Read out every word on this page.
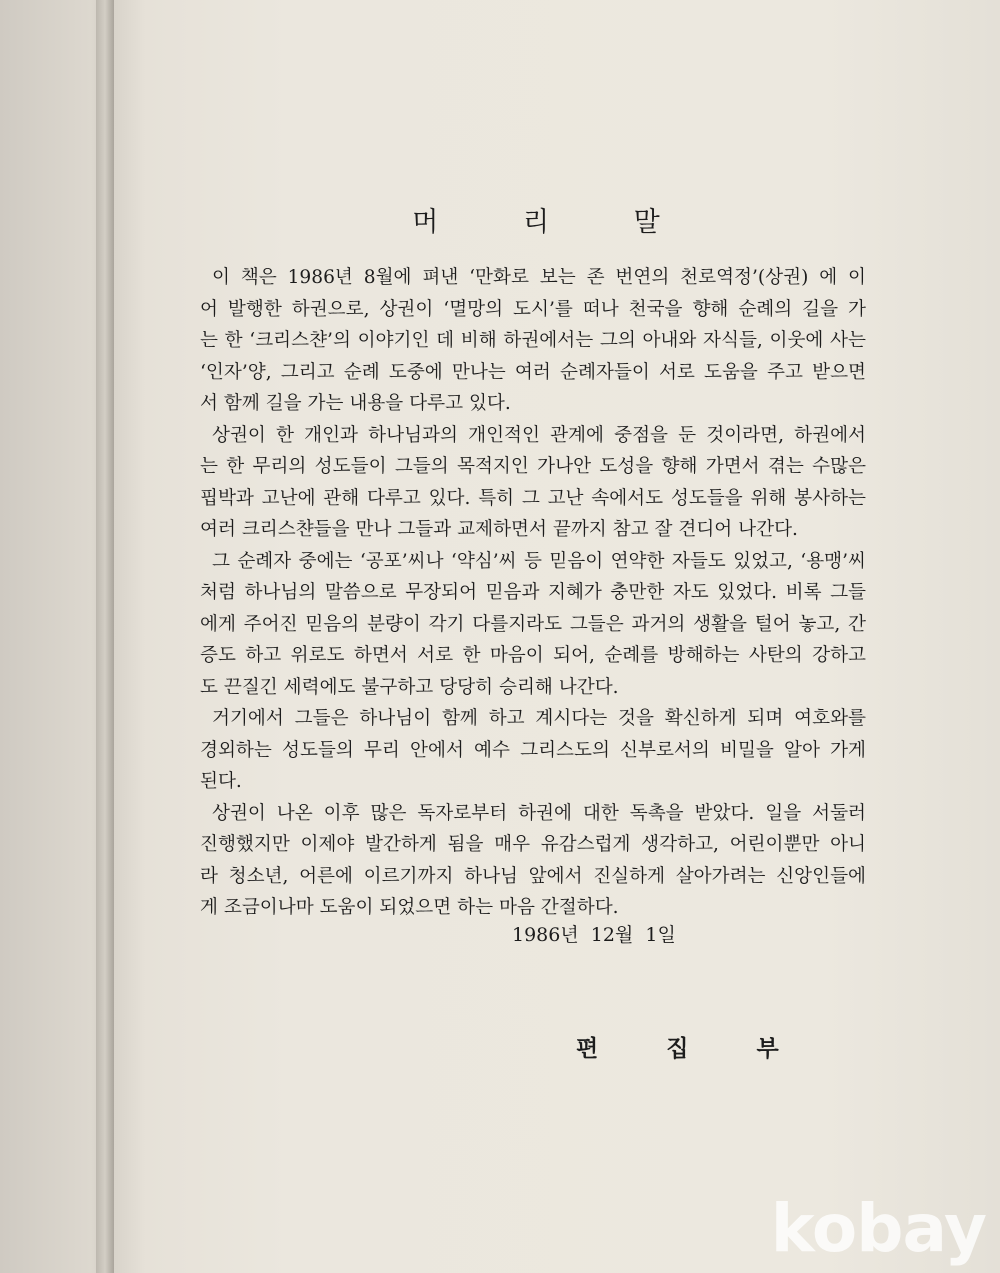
머 리 말
이 책은 1986년 8월에 펴낸 ‘만화로 보는 존 번연의 천로역정’(상권) 에 이
어 발행한 하권으로, 상권이 ‘멸망의 도시’를 떠나 천국을 향해 순례의 길을 가
는 한 ‘크리스챤’의 이야기인 데 비해 하권에서는 그의 아내와 자식들, 이웃에 사는
‘인자’양, 그리고 순례 도중에 만나는 여러 순례자들이 서로 도움을 주고 받으면
서 함께 길을 가는 내용을 다루고 있다.
상권이 한 개인과 하나님과의 개인적인 관계에 중점을 둔 것이라면, 하권에서
는 한 무리의 성도들이 그들의 목적지인 가나안 도성을 향해 가면서 겪는 수많은
핍박과 고난에 관해 다루고 있다. 특히 그 고난 속에서도 성도들을 위해 봉사하는
여러 크리스챤들을 만나 그들과 교제하면서 끝까지 참고 잘 견디어 나간다.
그 순례자 중에는 ‘공포’씨나 ‘약심’씨 등 믿음이 연약한 자들도 있었고, ‘용맹’씨
처럼 하나님의 말씀으로 무장되어 믿음과 지혜가 충만한 자도 있었다. 비록 그들
에게 주어진 믿음의 분량이 각기 다를지라도 그들은 과거의 생활을 털어 놓고, 간
증도 하고 위로도 하면서 서로 한 마음이 되어, 순례를 방해하는 사탄의 강하고
도 끈질긴 세력에도 불구하고 당당히 승리해 나간다.
거기에서 그들은 하나님이 함께 하고 계시다는 것을 확신하게 되며 여호와를
경외하는 성도들의 무리 안에서 예수 그리스도의 신부로서의 비밀을 알아 가게
된다.
상권이 나온 이후 많은 독자로부터 하권에 대한 독촉을 받았다. 일을 서둘러
진행했지만 이제야 발간하게 됨을 매우 유감스럽게 생각하고, 어린이뿐만 아니
라 청소년, 어른에 이르기까지 하나님 앞에서 진실하게 살아가려는 신앙인들에
게 조금이나마 도움이 되었으면 하는 마음 간절하다.
1986년  12월  1일
편 집 부
kobay
